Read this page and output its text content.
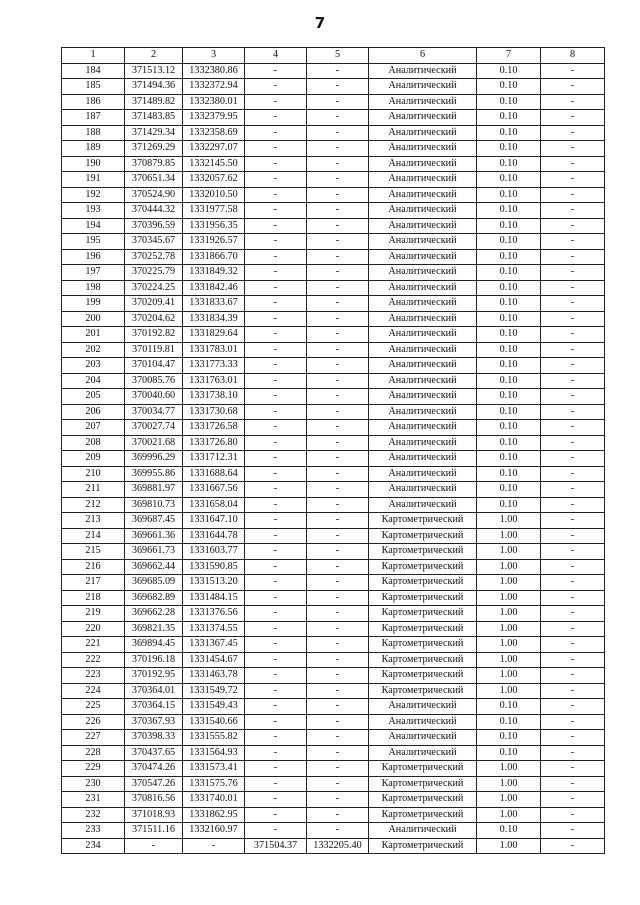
7
1	2	3	4	5	6	7	8
184	371513.12	1332380.86	-	-	Аналитический	0.10	-
185	371494.36	1332372.94	-	-	Аналитический	0.10	-
186	371489.82	1332380.01	-	-	Аналитический	0.10	-
187	371483.85	1332379.95	-	-	Аналитический	0.10	-
188	371429.34	1332358.69	-	-	Аналитический	0.10	-
189	371269.29	1332297.07	-	-	Аналитический	0.10	-
190	370879.85	1332145.50	-	-	Аналитический	0.10	-
191	370651.34	1332057.62	-	-	Аналитический	0.10	-
192	370524.90	1332010.50	-	-	Аналитический	0.10	-
193	370444.32	1331977.58	-	-	Аналитический	0.10	-
194	370396.59	1331956.35	-	-	Аналитический	0.10	-
195	370345.67	1331926.57	-	-	Аналитический	0.10	-
196	370252.78	1331866.70	-	-	Аналитический	0.10	-
197	370225.79	1331849.32	-	-	Аналитический	0.10	-
198	370224.25	1331842.46	-	-	Аналитический	0.10	-
199	370209.41	1331833.67	-	-	Аналитический	0.10	-
200	370204.62	1331834.39	-	-	Аналитический	0.10	-
201	370192.82	1331829.64	-	-	Аналитический	0.10	-
202	370119.81	1331783.01	-	-	Аналитический	0.10	-
203	370104.47	1331773.33	-	-	Аналитический	0.10	-
204	370085.76	1331763.01	-	-	Аналитический	0.10	-
205	370040.60	1331738.10	-	-	Аналитический	0.10	-
206	370034.77	1331730.68	-	-	Аналитический	0.10	-
207	370027.74	1331726.58	-	-	Аналитический	0.10	-
208	370021.68	1331726.80	-	-	Аналитический	0.10	-
209	369996.29	1331712.31	-	-	Аналитический	0.10	-
210	369955.86	1331688.64	-	-	Аналитический	0.10	-
211	369881.97	1331667.56	-	-	Аналитический	0.10	-
212	369810.73	1331658.04	-	-	Аналитический	0.10	-
213	369687.45	1331647.10	-	-	Картометрический	1.00	-
214	369661.36	1331644.78	-	-	Картометрический	1.00	-
215	369661.73	1331603.77	-	-	Картометрический	1.00	-
216	369662.44	1331590.85	-	-	Картометрический	1.00	-
217	369685.09	1331513.20	-	-	Картометрический	1.00	-
218	369682.89	1331484.15	-	-	Картометрический	1.00	-
219	369662.28	1331376.56	-	-	Картометрический	1.00	-
220	369821.35	1331374.55	-	-	Картометрический	1.00	-
221	369894.45	1331367.45	-	-	Картометрический	1.00	-
222	370196.18	1331454.67	-	-	Картометрический	1.00	-
223	370192.95	1331463.78	-	-	Картометрический	1.00	-
224	370364.01	1331549.72	-	-	Картометрический	1.00	-
225	370364.15	1331549.43	-	-	Аналитический	0.10	-
226	370367.93	1331540.66	-	-	Аналитический	0.10	-
227	370398.33	1331555.82	-	-	Аналитический	0.10	-
228	370437.65	1331564.93	-	-	Аналитический	0.10	-
229	370474.26	1331573.41	-	-	Картометрический	1.00	-
230	370547.26	1331575.76	-	-	Картометрический	1.00	-
231	370816.56	1331740.01	-	-	Картометрический	1.00	-
232	371018.93	1331862.95	-	-	Картометрический	1.00	-
233	371511.16	1332160.97	-	-	Аналитический	0.10	-
234	-	-	371504.37	1332205.40	Картометрический	1.00	-
